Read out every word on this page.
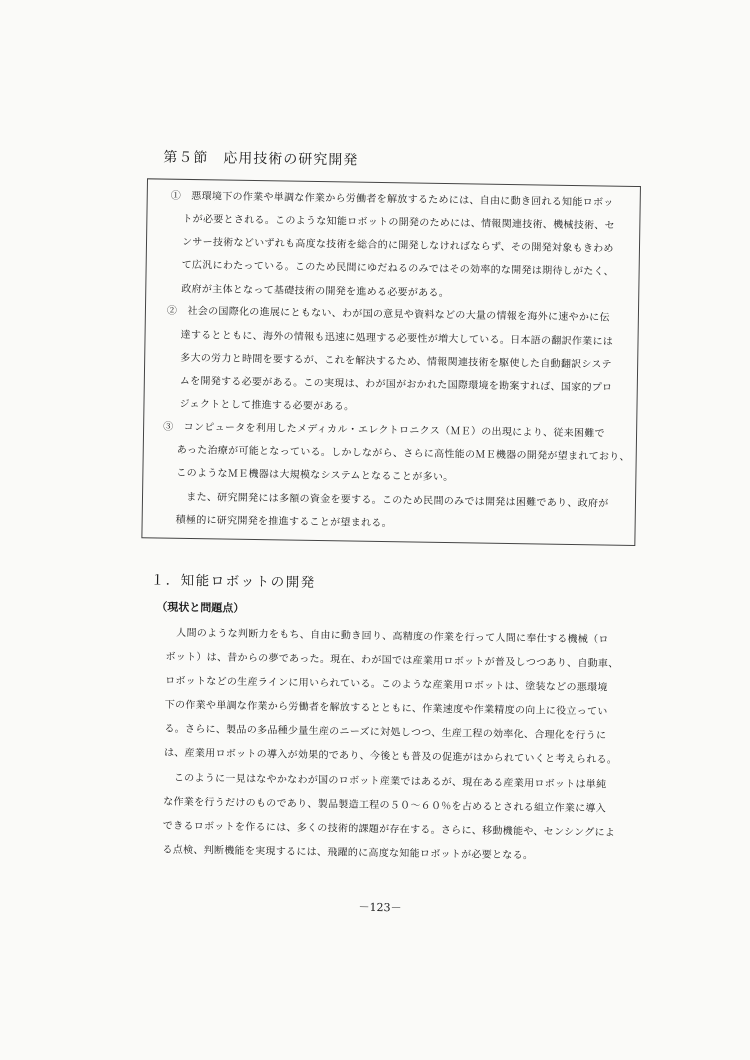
第５節　応用技術の研究開発
①　悪環境下の作業や単調な作業から労働者を解放するためには、自由に動き回れる知能ロボッ
トが必要とされる。このような知能ロボットの開発のためには、情報関連技術、機械技術、セ
ンサー技術などいずれも高度な技術を総合的に開発しなければならず、その開発対象もきわめ
て広汎にわたっている。このため民間にゆだねるのみではその効率的な開発は期待しがたく、
政府が主体となって基礎技術の開発を進める必要がある。
②　社会の国際化の進展にともない、わが国の意見や資料などの大量の情報を海外に速やかに伝
達するとともに、海外の情報も迅速に処理する必要性が増大している。日本語の翻訳作業には
多大の労力と時間を要するが、これを解決するため、情報関連技術を駆使した自動翻訳システ
ムを開発する必要がある。この実現は、わが国がおかれた国際環境を勘案すれば、国家的プロ
ジェクトとして推進する必要がある。
③　コンピュータを利用したメディカル・エレクトロニクス（ＭＥ）の出現により、従来困難で
あった治療が可能となっている。しかしながら、さらに高性能のＭＥ機器の開発が望まれており、
このようなＭＥ機器は大規模なシステムとなることが多い。
　また、研究開発には多額の資金を要する。このため民間のみでは開発は困難であり、政府が
積極的に研究開発を推進することが望まれる。
１．知能ロボットの開発
（現状と問題点）
　人間のような判断力をもち、自由に動き回り、高精度の作業を行って人間に奉仕する機械（ロ
ボット）は、昔からの夢であった。現在、わが国では産業用ロボットが普及しつつあり、自動車、
ロボットなどの生産ラインに用いられている。このような産業用ロボットは、塗装などの悪環境
下の作業や単調な作業から労働者を解放するとともに、作業速度や作業精度の向上に役立ってい
る。さらに、製品の多品種少量生産のニーズに対処しつつ、生産工程の効率化、合理化を行うに
は、産業用ロボットの導入が効果的であり、今後とも普及の促進がはかられていくと考えられる。
　このように一見はなやかなわが国のロボット産業ではあるが、現在ある産業用ロボットは単純
な作業を行うだけのものであり、製品製造工程の５０～６０％を占めるとされる組立作業に導入
できるロボットを作るには、多くの技術的課題が存在する。さらに、移動機能や、センシングによ
る点検、判断機能を実現するには、飛躍的に高度な知能ロボットが必要となる。
－123－
